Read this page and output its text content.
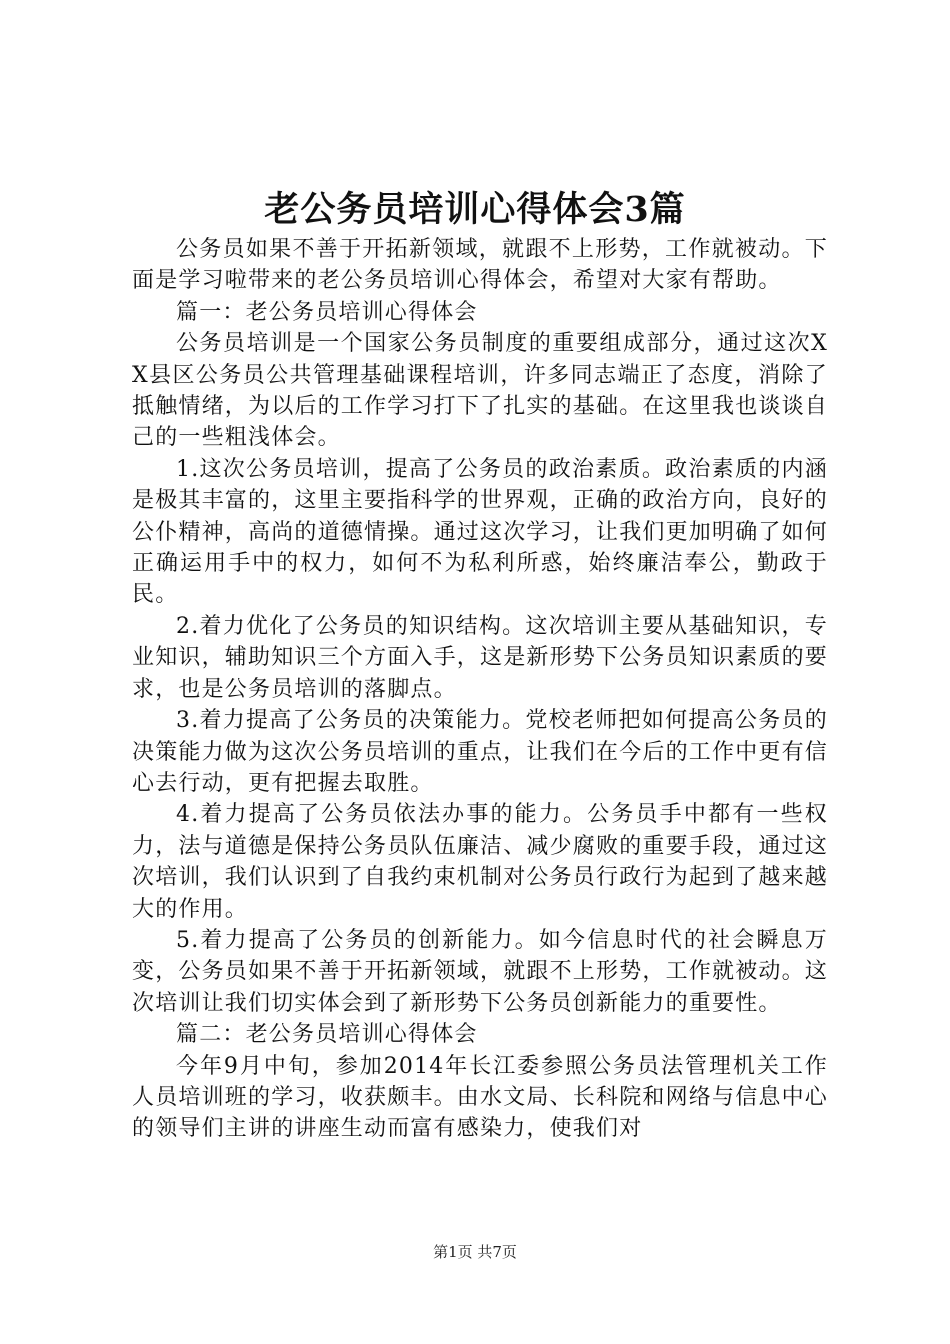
老公务员培训心得体会3篇

公务员如果不善于开拓新领域，就跟不上形势，工作就被动。下面是学习啦带来的老公务员培训心得体会，希望对大家有帮助。

篇一：老公务员培训心得体会

公务员培训是一个国家公务员制度的重要组成部分，通过这次XX县区公务员公共管理基础课程培训，许多同志端正了态度，消除了抵触情绪，为以后的工作学习打下了扎实的基础。在这里我也谈谈自己的一些粗浅体会。

1.这次公务员培训，提高了公务员的政治素质。政治素质的内涵是极其丰富的，这里主要指科学的世界观，正确的政治方向，良好的公仆精神，高尚的道德情操。通过这次学习，让我们更加明确了如何正确运用手中的权力，如何不为私利所惑，始终廉洁奉公，勤政于民。

2.着力优化了公务员的知识结构。这次培训主要从基础知识，专业知识，辅助知识三个方面入手，这是新形势下公务员知识素质的要求，也是公务员培训的落脚点。

3.着力提高了公务员的决策能力。党校老师把如何提高公务员的决策能力做为这次公务员培训的重点，让我们在今后的工作中更有信心去行动，更有把握去取胜。

4.着力提高了公务员依法办事的能力。公务员手中都有一些权力，法与道德是保持公务员队伍廉洁、减少腐败的重要手段，通过这次培训，我们认识到了自我约束机制对公务员行政行为起到了越来越大的作用。

5.着力提高了公务员的创新能力。如今信息时代的社会瞬息万变，公务员如果不善于开拓新领域，就跟不上形势，工作就被动。这次培训让我们切实体会到了新形势下公务员创新能力的重要性。

篇二：老公务员培训心得体会

今年9月中旬，参加2014年长江委参照公务员法管理机关工作人员培训班的学习，收获颇丰。由水文局、长科院和网络与信息中心的领导们主讲的讲座生动而富有感染力，使我们对

第1页 共7页
